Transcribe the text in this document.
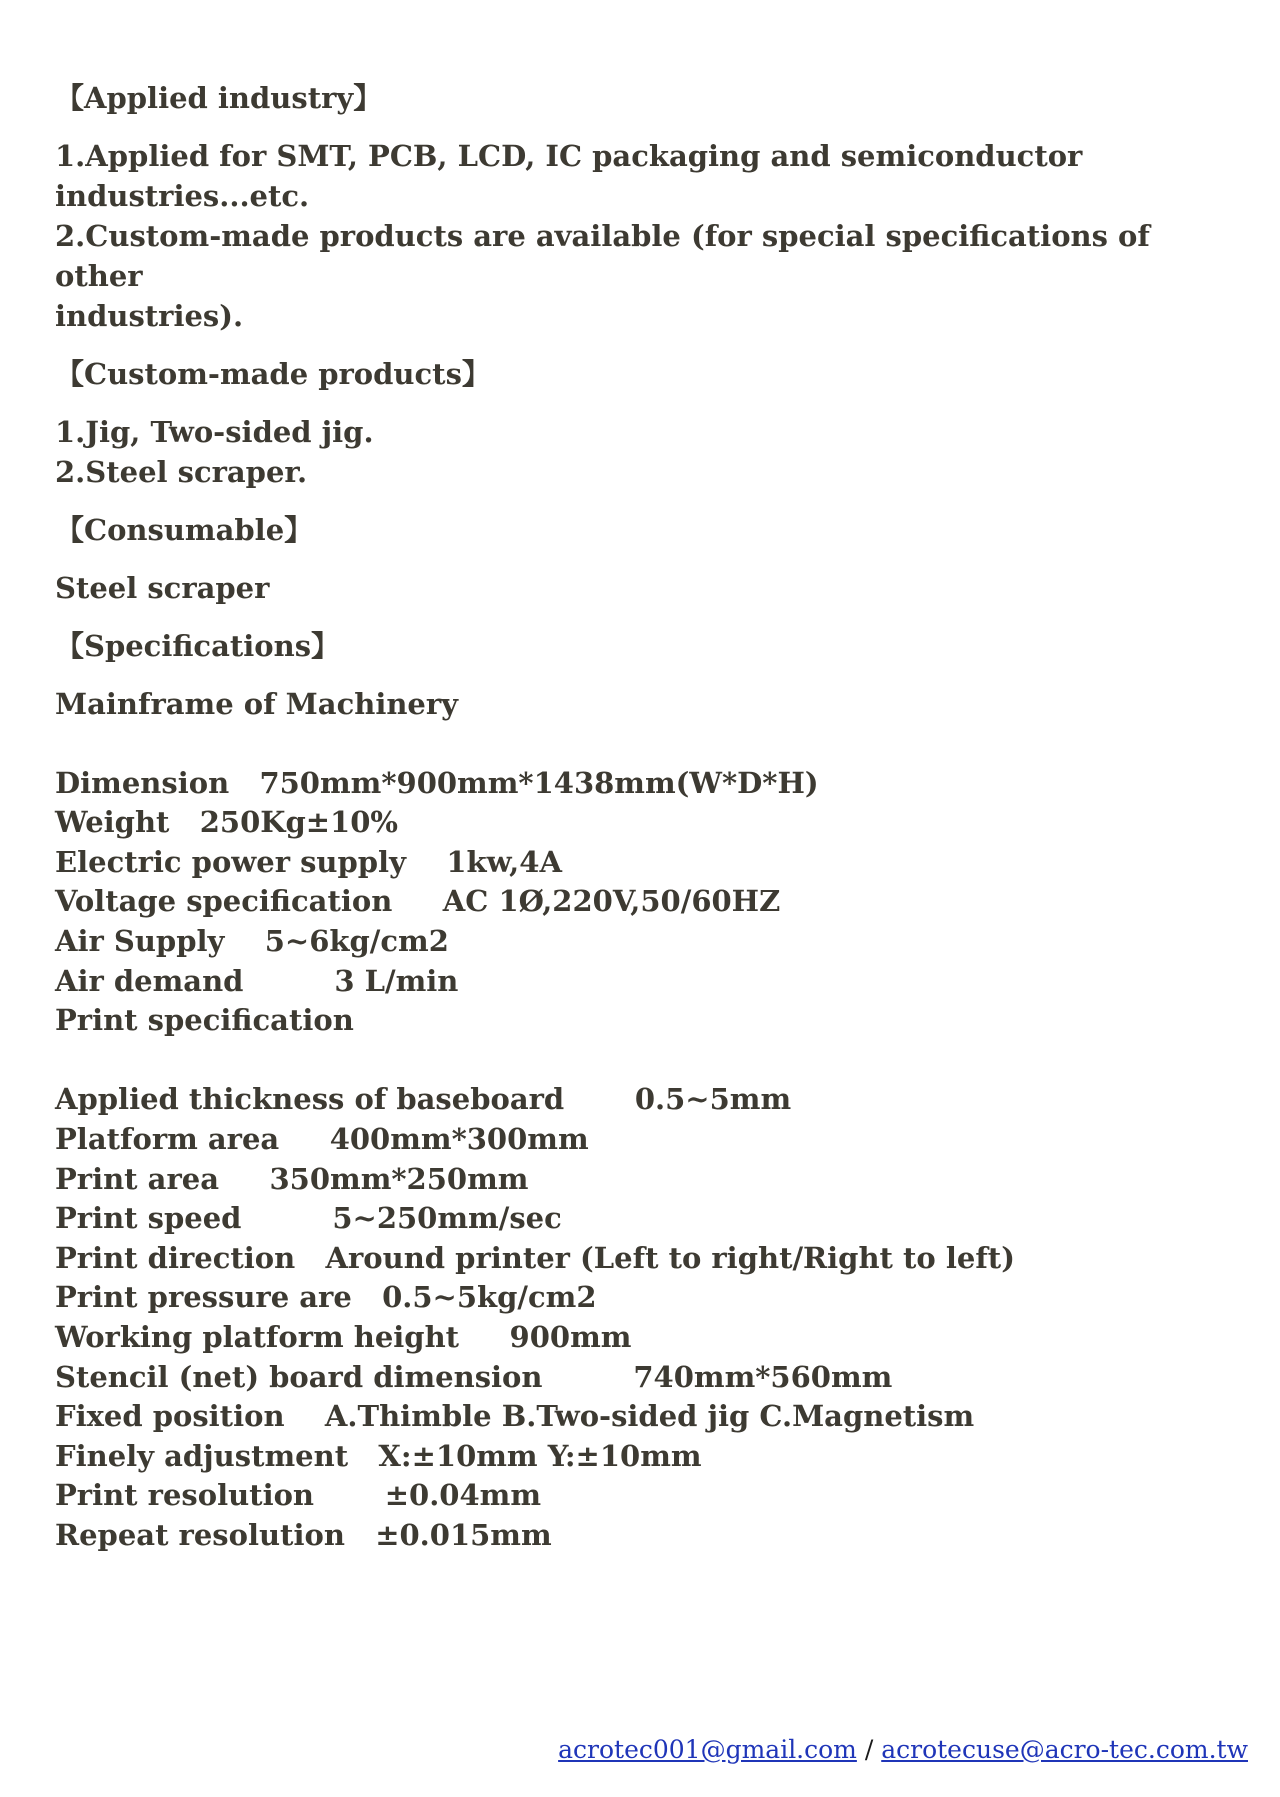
【Applied industry】
1.Applied for SMT, PCB, LCD, IC packaging and semiconductor industries...etc.
2.Custom-made products are available (for special specifications of other
industries).
【Custom-made products】
1.Jig, Two-sided jig.
2.Steel scraper.
【Consumable】
Steel scraper
【Specifications】
Mainframe of Machinery
Dimension 750mm*900mm*1438mm(W*D*H)
Weight 250Kg±10%
Electric power supply 1kw,4A
Voltage specification AC 1Ø,220V,50/60HZ
Air Supply 5~6kg/cm2
Air demand	3 L/min
Print specification
Applied thickness of baseboard 0.5~5mm
Platform area 400mm*300mm
Print area 350mm*250mm
Print speed	5~250mm/sec
Print direction Around printer (Left to right/Right to left)
Print pressure are 0.5~5kg/cm2
Working platform height 900mm
Stencil (net) board dimension	740mm*560mm
Fixed position A.Thimble B.Two-sided jig C.Magnetism
Finely adjustment X:±10mm Y:±10mm
Print resolution ±0.04mm
Repeat resolution ±0.015mm
acrotec001@gmail.com / acrotecuse@acro-tec.com.tw
